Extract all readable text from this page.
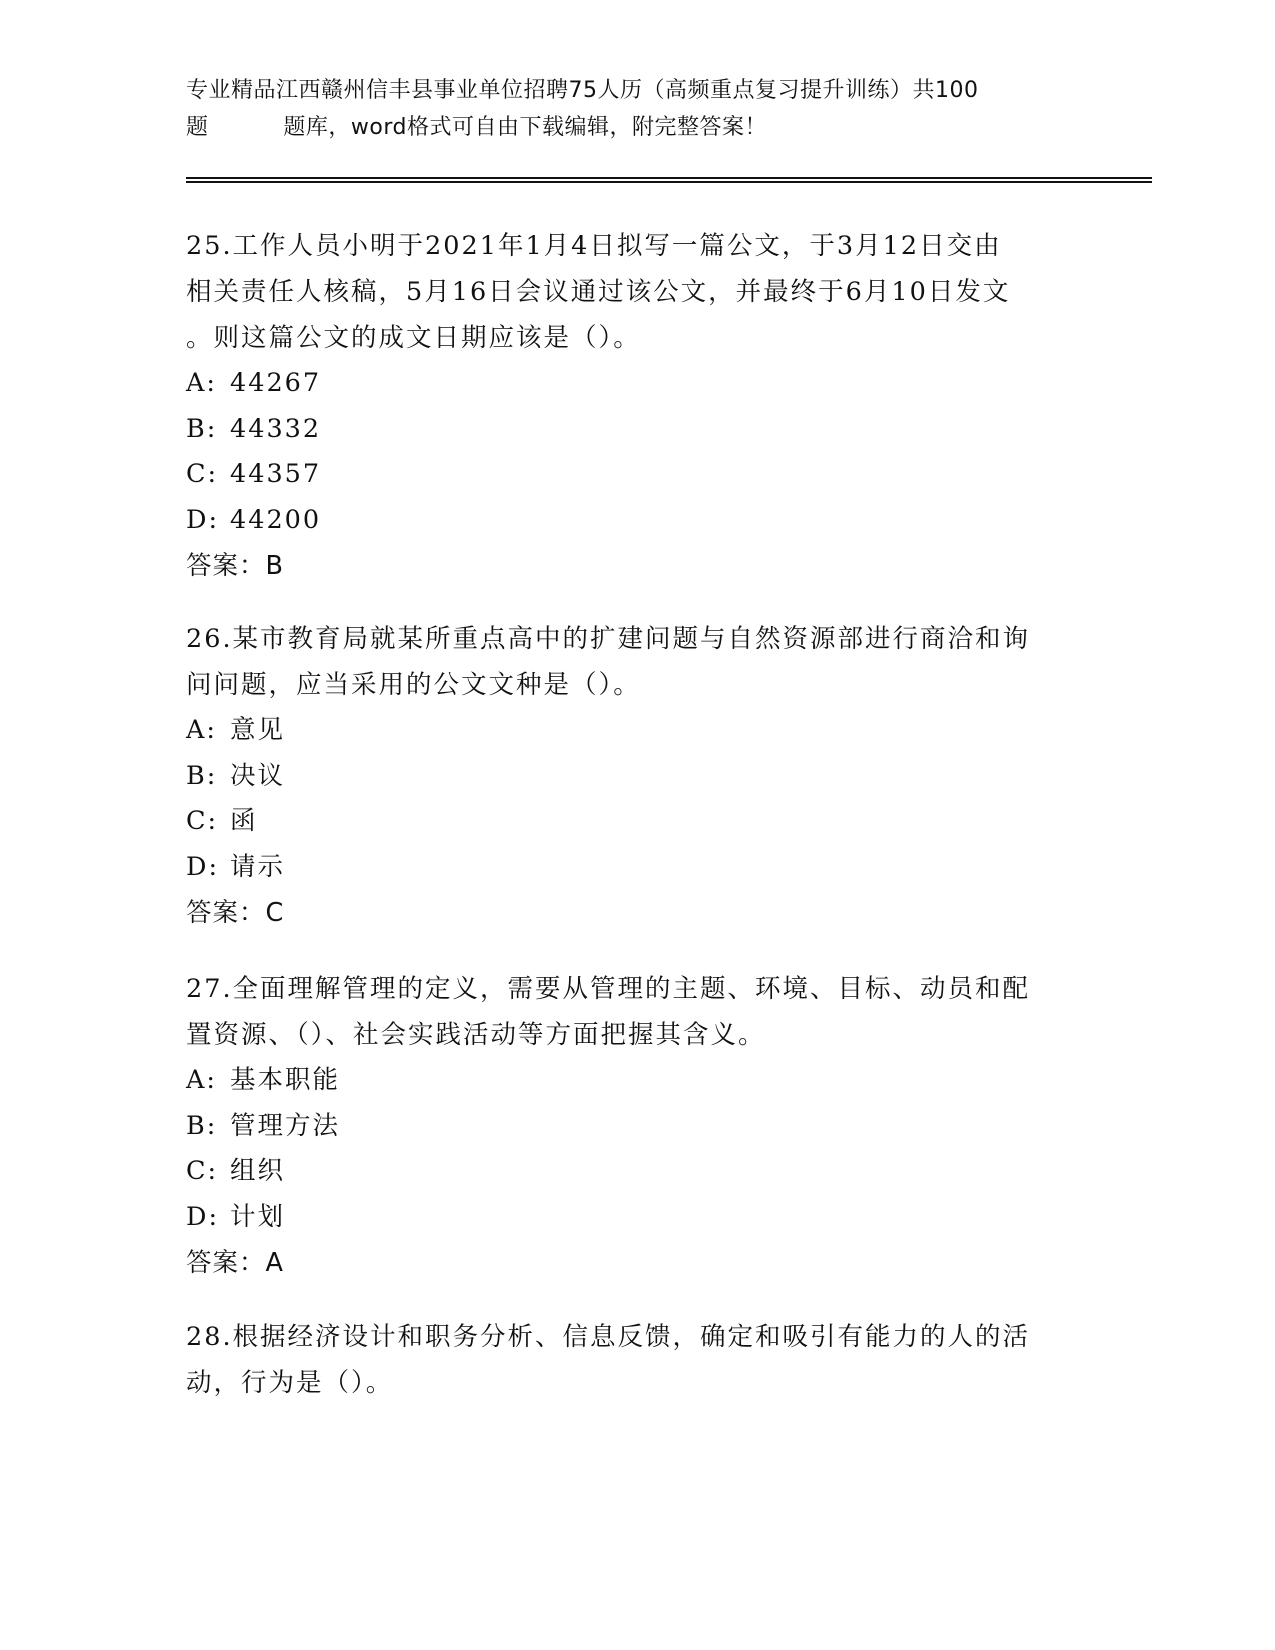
专业精品江西赣州信丰县事业单位招聘75人历（高频重点复习提升训练）共100
题          题库，word格式可自由下载编辑，附完整答案！
25.工作人员小明于2021年1月4日拟写一篇公文，于3月12日交由
相关责任人核稿，5月16日会议通过该公文，并最终于6月10日发文
。则这篇公文的成文日期应该是（）。
A: 44267
B: 44332
C: 44357
D: 44200
答案：B
26.某市教育局就某所重点高中的扩建问题与自然资源部进行商洽和询
问问题，应当采用的公文文种是（）。
A: 意见
B: 决议
C: 函
D: 请示
答案：C
27.全面理解管理的定义，需要从管理的主题、环境、目标、动员和配
置资源、（）、社会实践活动等方面把握其含义。
A: 基本职能
B: 管理方法
C: 组织
D: 计划
答案：A
28.根据经济设计和职务分析、信息反馈，确定和吸引有能力的人的活
动，行为是（）。
